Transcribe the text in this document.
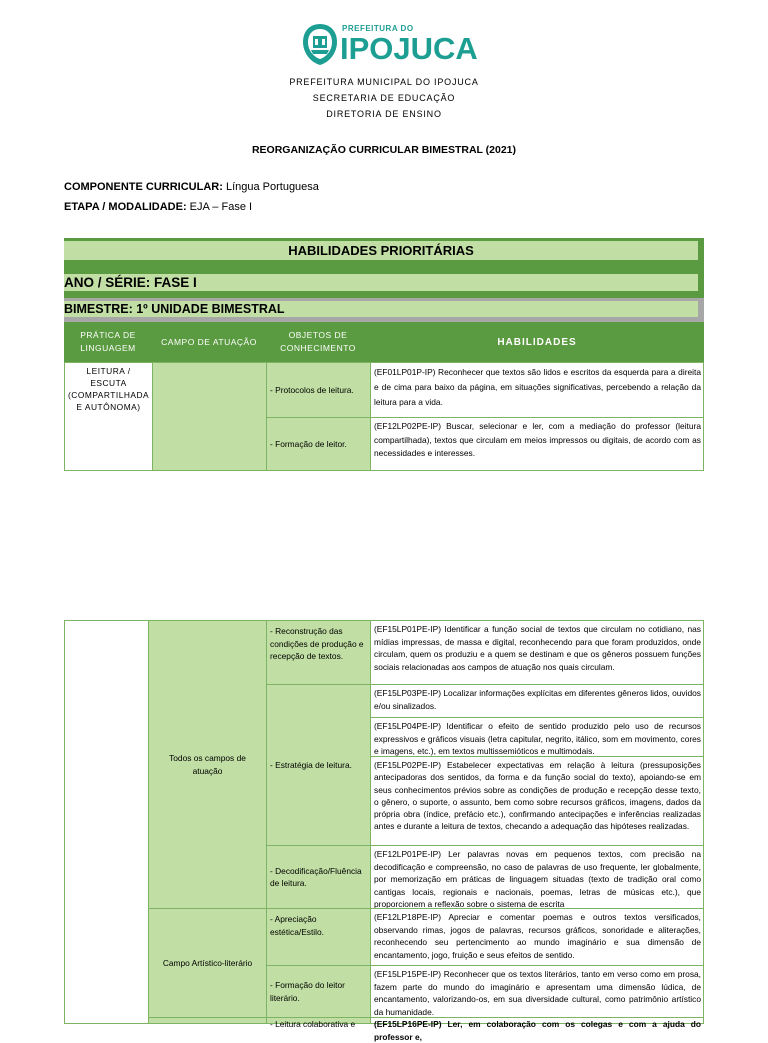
PREFEITURA DO
IPOJUCA
PREFEITURA MUNICIPAL DO IPOJUCA
SECRETARIA DE EDUCAÇÃO
DIRETORIA DE ENSINO
REORGANIZAÇÃO CURRICULAR BIMESTRAL (2021)
COMPONENTE CURRICULAR: Língua Portuguesa
ETAPA / MODALIDADE: EJA – Fase I
HABILIDADES PRIORITÁRIAS
ANO / SÉRIE: FASE I
BIMESTRE: 1º UNIDADE BIMESTRAL
PRÁTICA DE LINGUAGEM
CAMPO DE ATUAÇÃO
OBJETOS DE CONHECIMENTO
HABILIDADES
LEITURA / ESCUTA
(COMPARTILHADA E AUTÔNOMA)
- Protocolos de leitura.
(EF01LP01P-IP) Reconhecer que textos são lidos e escritos da esquerda para a direita e de cima para baixo da página, em situações significativas, percebendo a relação da leitura para a vida.
- Formação de leitor.
(EF12LP02PE-IP) Buscar, selecionar e ler, com a mediação do professor (leitura compartilhada), textos que circulam em meios impressos ou digitais, de acordo com as necessidades e interesses.
Todos os campos de atuação
Campo Artístico-literário
- Reconstrução das condições de produção e recepção de textos.
(EF15LP01PE-IP) Identificar a função social de textos que circulam no cotidiano, nas mídias impressas, de massa e digital, reconhecendo para que foram produzidos, onde circulam, quem os produziu e a quem se destinam e que os gêneros possuem funções sociais relacionadas aos campos de atuação nos quais circulam.
- Estratégia de leitura.
(EF15LP03PE-IP) Localizar informações explícitas em diferentes gêneros lidos, ouvidos e/ou sinalizados.
(EF15LP04PE-IP) Identificar o efeito de sentido produzido pelo uso de recursos expressivos e gráficos visuais (letra capitular, negrito, itálico, som em movimento, cores e imagens, etc.), em textos multissemióticos e multimodais.
(EF15LP02PE-IP) Estabelecer expectativas em relação à leitura (pressuposições antecipadoras dos sentidos, da forma e da função social do texto), apoiando-se em seus conhecimentos prévios sobre as condições de produção e recepção desse texto, o gênero, o suporte, o assunto, bem como sobre recursos gráficos, imagens, dados da própria obra (índice, prefácio etc.), confirmando antecipações e inferências realizadas antes e durante a leitura de textos, checando a adequação das hipóteses realizadas.
- Decodificação/Fluência de leitura.
(EF12LP01PE-IP) Ler palavras novas em pequenos textos, com precisão na decodificação e compreensão, no caso de palavras de uso frequente, ler globalmente, por memorização em práticas de linguagem situadas (texto de tradição oral como cantigas locais, regionais e nacionais, poemas, letras de músicas etc.), que proporcionem a reflexão sobre o sistema de escrita
- Apreciação estética/Estilo.
(EF12LP18PE-IP) Apreciar e comentar poemas e outros textos versificados, observando rimas, jogos de palavras, recursos gráficos, sonoridade e aliterações, reconhecendo seu pertencimento ao mundo imaginário e sua dimensão de encantamento, jogo, fruição e seus efeitos de sentido.
- Formação do leitor literário.
(EF15LP15PE-IP) Reconhecer que os textos literários, tanto em verso como em prosa, fazem parte do mundo do imaginário e apresentam uma dimensão lúdica, de encantamento, valorizando-os, em sua diversidade cultural, como patrimônio artístico da humanidade.
- Leitura colaborativa e	(EF15LP16PE-IP) Ler, em colaboração com os colegas e com a ajuda do professor e,
